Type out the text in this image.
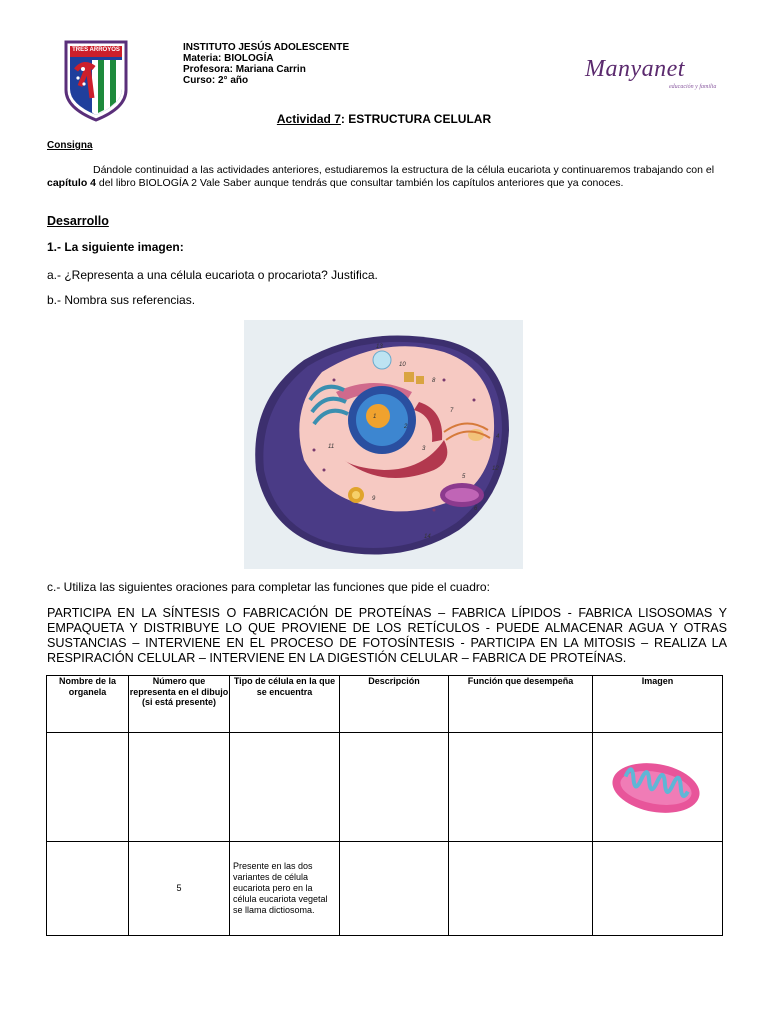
TRES ARROYOS	INSTITUTO JESÚS ADOLESCENTE
Materia: BIOLOGÍA
Profesora: Mariana Carrin
Curso: 2° año	Manyanet
educación y familia
Actividad 7: ESTRUCTURA CELULAR
Consigna
Dándole continuidad a las actividades anteriores, estudiaremos la estructura de la célula eucariota y continuaremos trabajando con el capítulo 4 del libro BIOLOGÍA 2 Vale Saber aunque tendrás que consultar también los capítulos anteriores que ya conoces.
Desarrollo
1.- La siguiente imagen:
a.- ¿Representa a una célula eucariota o procariota? Justifica.
b.- Nombra sus referencias.
13
10
8
1
2
3
4
5
6
7
9
11
12
14
c.- Utiliza las siguientes oraciones para completar las funciones que pide el cuadro:
PARTICIPA EN LA SÍNTESIS O FABRICACIÓN DE PROTEÍNAS – FABRICA LÍPIDOS - FABRICA LISOSOMAS Y EMPAQUETA Y DISTRIBUYE LO QUE PROVIENE DE LOS RETÍCULOS - PUEDE ALMACENAR AGUA Y OTRAS SUSTANCIAS – INTERVIENE EN EL PROCESO DE FOTOSÍNTESIS - PARTICIPA EN LA MITOSIS – REALIZA LA RESPIRACIÓN CELULAR – INTERVIENE EN LA DIGESTIÓN CELULAR – FABRICA DE PROTEÍNAS.
Nombre de la organela	Número que representa en el dibujo (si está presente)	Tipo de célula en la que se encuentra	Descripción	Función que desempeña	Imagen

	5	Presente en las dos variantes de célula eucariota pero en la célula eucariota vegetal se llama dictiosoma.			
